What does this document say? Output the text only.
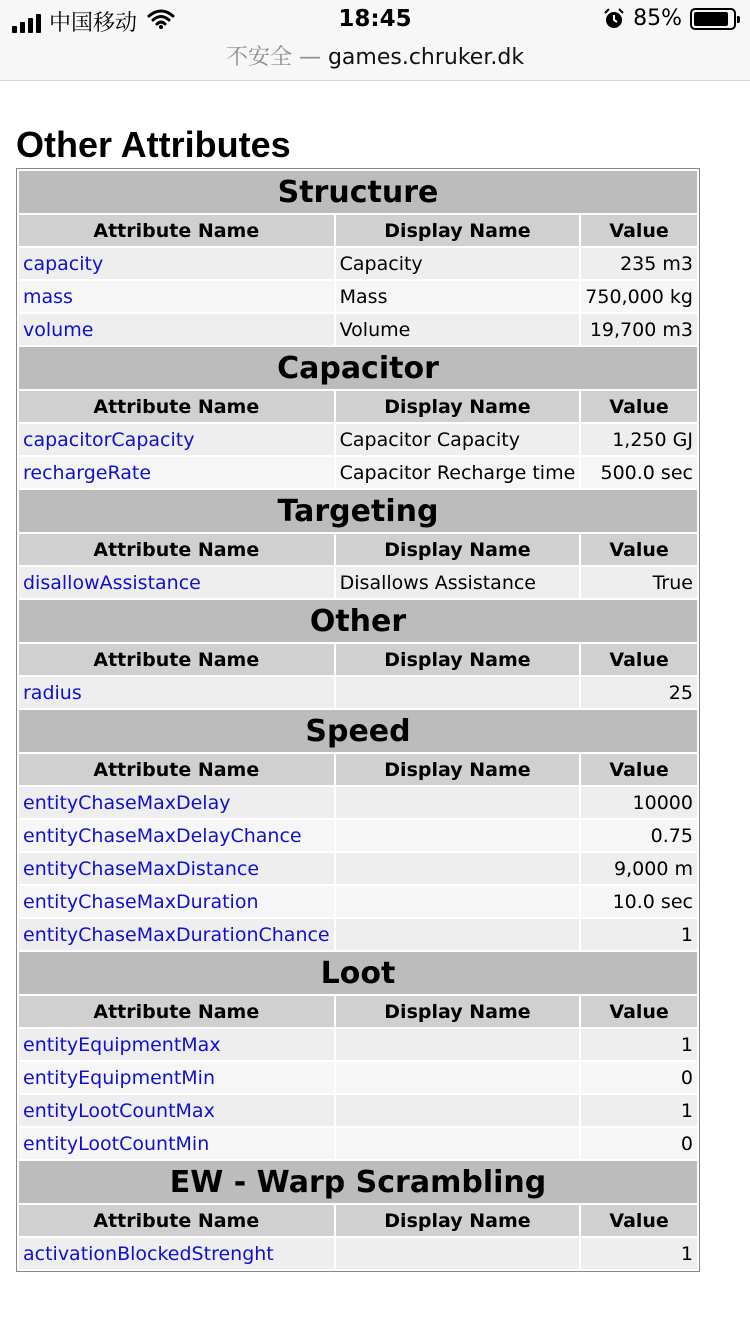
中国移动	18:45	85%
不安全 — games.chruker.dk
Other Attributes
Structure		
Attribute Name	Display Name	Value
capacity	Capacity	235 m3
mass	Mass	750,000 kg
volume	Volume	19,700 m3
Capacitor		
Attribute Name	Display Name	Value
capacitorCapacity	Capacitor Capacity	1,250 GJ
rechargeRate	Capacitor Recharge time	500.0 sec
Targeting		
Attribute Name	Display Name	Value
disallowAssistance	Disallows Assistance	True
Other		
Attribute Name	Display Name	Value
radius		25
Speed		
Attribute Name	Display Name	Value
entityChaseMaxDelay		10000
entityChaseMaxDelayChance		0.75
entityChaseMaxDistance		9,000 m
entityChaseMaxDuration		10.0 sec
entityChaseMaxDurationChance		1
Loot		
Attribute Name	Display Name	Value
entityEquipmentMax		1
entityEquipmentMin		0
entityLootCountMax		1
entityLootCountMin		0
EW - Warp Scrambling		
Attribute Name	Display Name	Value
activationBlockedStrenght		1
